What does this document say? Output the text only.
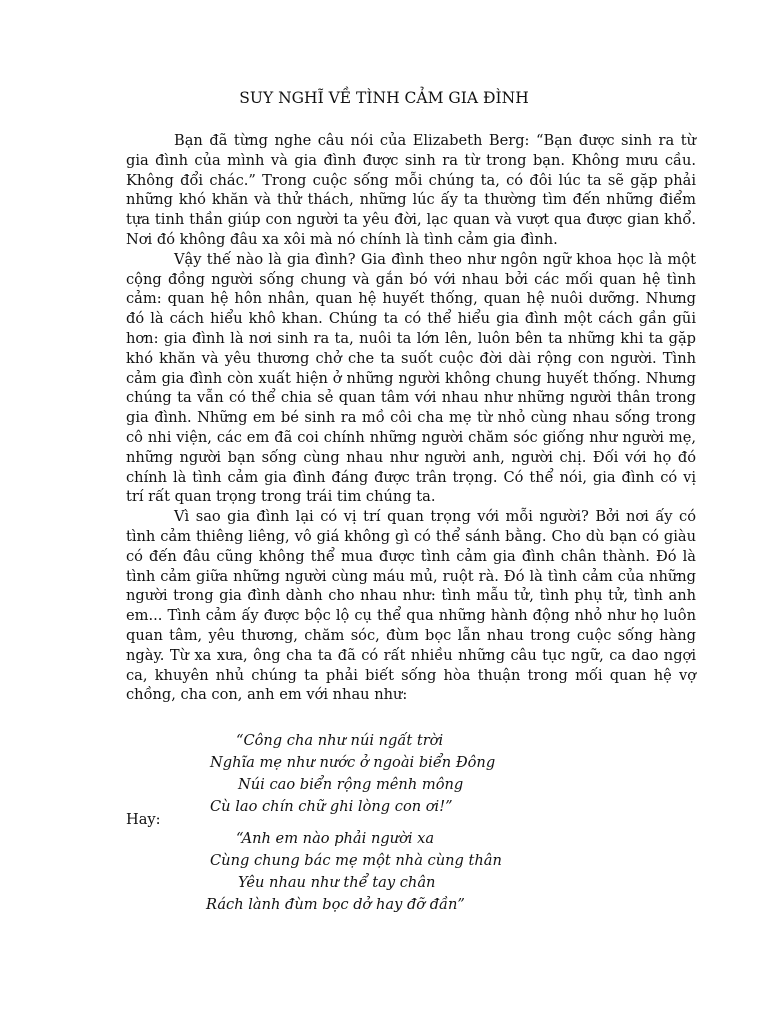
SUY NGHĨ VỀ TÌNH CẢM GIA ĐÌNH

Bạn đã từng nghe câu nói của Elizabeth Berg: “Bạn được sinh ra từ gia đình của mình và gia đình được sinh ra từ trong bạn. Không mưu cầu. Không đổi chác.” Trong cuộc sống mỗi chúng ta, có đôi lúc ta sẽ gặp phải những khó khăn và thử thách, những lúc ấy ta thường tìm đến những điểm tựa tinh thần giúp con người ta yêu đời, lạc quan và vượt qua được gian khổ. Nơi đó không đâu xa xôi mà nó chính là tình cảm gia đình.

Vậy thế nào là gia đình? Gia đình theo như ngôn ngữ khoa học là một cộng đồng người sống chung và gắn bó với nhau bởi các mối quan hệ tình cảm: quan hệ hôn nhân, quan hệ huyết thống, quan hệ nuôi dưỡng. Nhưng đó là cách hiểu khô khan. Chúng ta có thể hiểu gia đình một cách gần gũi hơn: gia đình là nơi sinh ra ta, nuôi ta lớn lên, luôn bên ta những khi ta gặp khó khăn và yêu thương chở che ta suốt cuộc đời dài rộng con người. Tình cảm gia đình còn xuất hiện ở những người không chung huyết thống. Nhưng chúng ta vẫn có thể chia sẻ quan tâm với nhau như những người thân trong gia đình. Những em bé sinh ra mồ côi cha mẹ từ nhỏ cùng nhau sống trong cô nhi viện, các em đã coi chính những người chăm sóc giống như người mẹ, những người bạn sống cùng nhau như người anh, người chị. Đối với họ đó chính là tình cảm gia đình đáng được trân trọng. Có thể nói, gia đình có vị trí rất quan trọng trong trái tim chúng ta.

Vì sao gia đình lại có vị trí quan trọng với mỗi người? Bởi nơi ấy có tình cảm thiêng liêng, vô giá không gì có thể sánh bằng. Cho dù bạn có giàu có đến đâu cũng không thể mua được tình cảm gia đình chân thành. Đó là tình cảm giữa những người cùng máu mủ, ruột rà. Đó là tình cảm của những người trong gia đình dành cho nhau như: tình mẫu tử, tình phụ tử, tình anh em... Tình cảm ấy được bộc lộ cụ thể qua những hành động nhỏ như họ luôn quan tâm, yêu thương, chăm sóc, đùm bọc lẫn nhau trong cuộc sống hàng ngày. Từ xa xưa, ông cha ta đã có rất nhiều những câu tục ngữ, ca dao ngợi ca, khuyên nhủ chúng ta phải biết sống hòa thuận trong mối quan hệ vợ chồng, cha con, anh em với nhau như:

“Công cha như núi ngất trời
Nghĩa mẹ như nước ở ngoài biển Đông
Núi cao biển rộng mênh mông
Cù lao chín chữ ghi lòng con ơi!”
Hay:
“Anh em nào phải người xa
Cùng chung bác mẹ một nhà cùng thân
Yêu nhau như thể tay chân
Rách lành đùm bọc dở hay đỡ đần”
